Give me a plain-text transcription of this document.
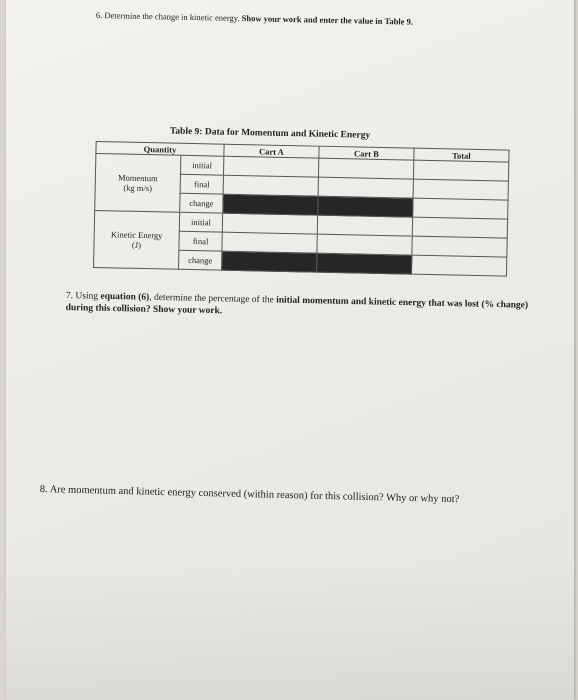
6. Determine the change in kinetic energy. Show your work and enter the value in Table 9.
Table 9: Data for Momentum and Kinetic Energy
Quantity		Cart A	Cart B	Total

Momentum
(kg m/s)	initial			
	final			
	change			

Kinetic Energy
(J)	initial			
	final			
	change			
7. Using equation (6), determine the percentage of the initial momentum and kinetic energy that was lost (% change) during this collision? Show your work.
8. Are momentum and kinetic energy conserved (within reason) for this collision? Why or why not?
